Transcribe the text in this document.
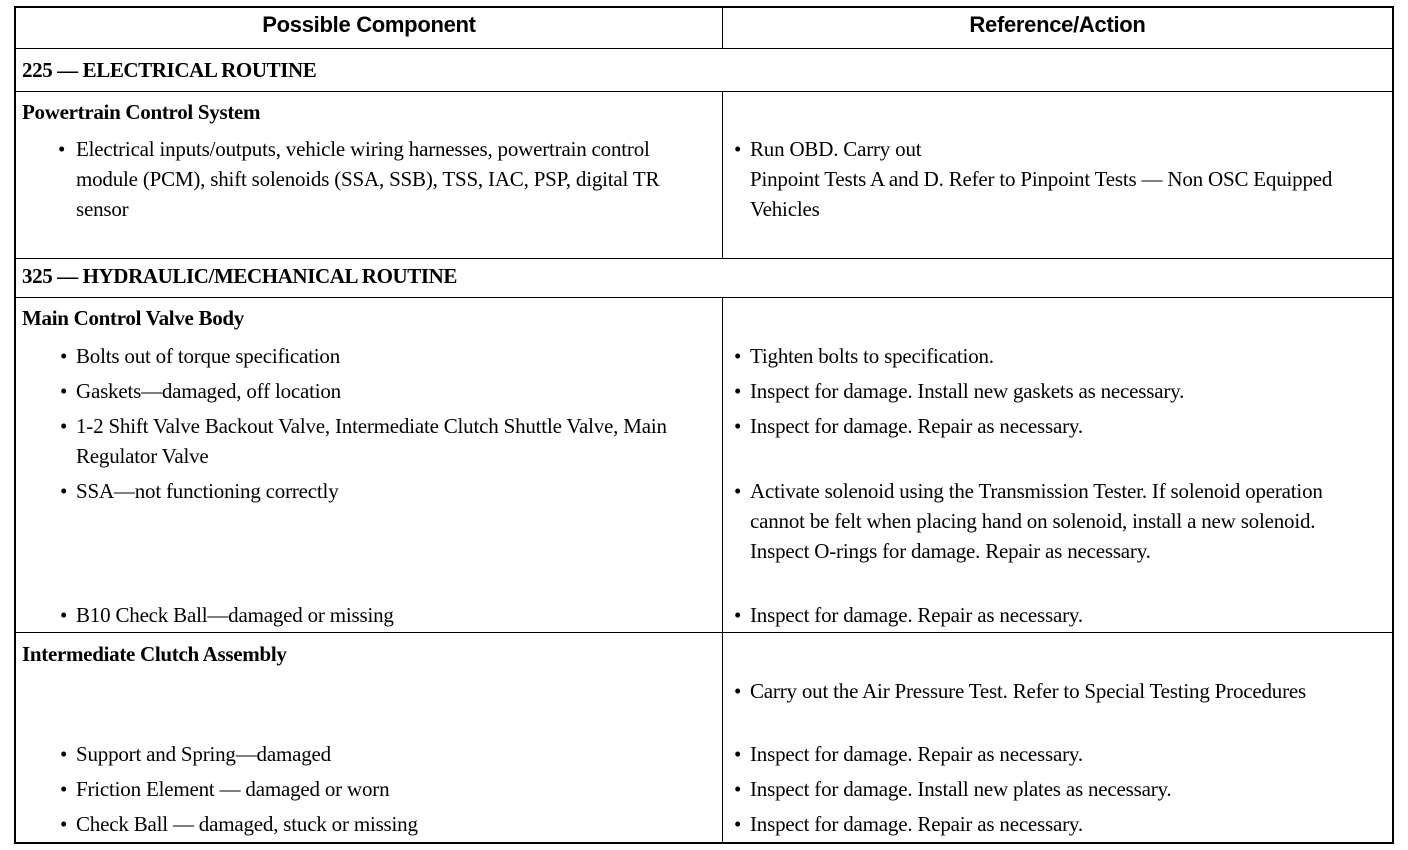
Possible Component	Reference/Action
225 — ELECTRICAL ROUTINE
Powertrain Control System
• Electrical inputs/outputs, vehicle wiring harnesses, powertrain control module (PCM), shift solenoids (SSA, SSB), TSS, IAC, PSP, digital TR sensor
• Run OBD. Carry out
Pinpoint Tests A and D. Refer to Pinpoint Tests — Non OSC Equipped Vehicles
325 — HYDRAULIC/MECHANICAL ROUTINE
Main Control Valve Body
• Bolts out of torque specification
• Gaskets—damaged, off location
• 1-2 Shift Valve Backout Valve, Intermediate Clutch Shuttle Valve, Main Regulator Valve
• SSA—not functioning correctly
• B10 Check Ball—damaged or missing
• Tighten bolts to specification.
• Inspect for damage. Install new gaskets as necessary.
• Inspect for damage. Repair as necessary.
• Activate solenoid using the Transmission Tester. If solenoid operation cannot be felt when placing hand on solenoid, install a new solenoid. Inspect O-rings for damage. Repair as necessary.
• Inspect for damage. Repair as necessary.
Intermediate Clutch Assembly
• Support and Spring—damaged
• Friction Element — damaged or worn
• Check Ball — damaged, stuck or missing
• Carry out the Air Pressure Test. Refer to Special Testing Procedures
• Inspect for damage. Repair as necessary.
• Inspect for damage. Install new plates as necessary.
• Inspect for damage. Repair as necessary.
